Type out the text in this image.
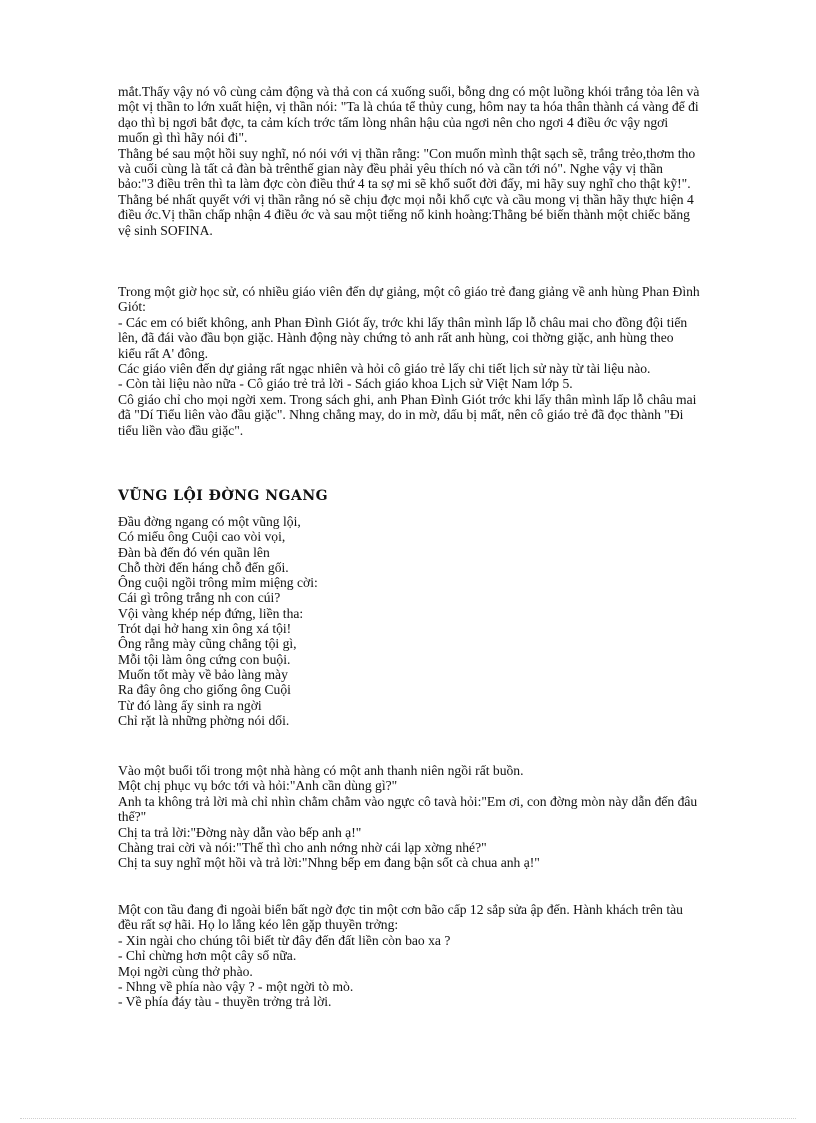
mắt.Thấy vậy nó vô cùng cảm động và thả con cá xuống suối, bỗng dng có một luồng khói trắng tỏa lên và một vị thần to lớn xuất hiện, vị thần nói: "Ta là chúa tể thủy cung, hôm nay ta hóa thân thành cá vàng để đi dạo thì bị ngơi bắt đợc, ta cảm kích trớc tấm lòng nhân hậu của ngơi nên cho ngơi 4 điều ớc vậy ngơi muốn gì thì hãy nói đi".

Thằng bé sau một hồi suy nghĩ, nó nói với vị thần rằng: "Con muốn mình thật sạch sẽ, trắng trẻo,thơm tho và cuối cùng là tất cả đàn bà trênthế gian này đều phải yêu thích nó và cần tới nó". Nghe vậy vị thần bảo:"3 điều trên thì ta làm đợc còn điều thứ 4 ta sợ mi sẽ khổ suốt đời đấy, mi hãy suy nghĩ cho thật kỹ!". Thằng bé nhất quyết với vị thần rằng nó sẽ chịu đợc mọi nỗi khổ cực và cầu mong vị thần hãy thực hiện 4 điều ớc.Vị thần chấp nhận 4 điều ớc và sau một tiếng nổ kinh hoàng:Thằng bé biến thành một chiếc băng vệ sinh SOFINA.

Trong một giờ học sử, có nhiều giáo viên đến dự giảng, một cô giáo trẻ đang giảng về anh hùng Phan Đình Giót:

- Các em có biết không, anh Phan Đình Giót ấy, trớc khi lấy thân mình lấp lỗ châu mai cho đồng đội tiến lên, đã đái vào đầu bọn giặc. Hành động này chứng tỏ anh rất anh hùng, coi thờng giặc, anh hùng theo kiểu rất A' đông.

Các giáo viên đến dự giảng rất ngạc nhiên và hỏi cô giáo trẻ lấy chi tiết lịch sử này từ tài liệu nào.

- Còn tài liệu nào nữa - Cô giáo trẻ trả lời - Sách giáo khoa Lịch sử Việt Nam lớp 5.

Cô giáo chỉ cho mọi ngời xem. Trong sách ghi, anh Phan Đình Giót trớc khi lấy thân mình lấp lỗ châu mai đã "Dí Tiểu liên vào đầu giặc". Nhng chẳng may, do in mờ, dấu bị mất, nên cô giáo trẻ đã đọc thành "Đi tiểu liền vào đầu giặc".

VŨNG LỘI ĐỜNG NGANG
Đầu đờng ngang có một vũng lội,
Có miếu ông Cuội cao vòi vọi,
Đàn bà đến đó vén quần lên
Chỗ thời đến háng chỗ đến gối.
Ông cuội ngồi trông mỉm miệng cời:
Cái gì trông trắng nh con cúi?
Vội vàng khép nép đứng, liền tha:
Trót dại hở hang xin ông xá tội!
Ông rằng mày cũng chẳng tội gì,
Mỗi tội làm ông cứng con buội.
Muốn tốt mày về bảo làng mày
Ra đây ông cho giống ông Cuội
Từ đó làng ấy sinh ra ngời
Chỉ rặt là những phờng nói dối.

Vào một buổi tối trong một nhà hàng có một anh thanh niên ngồi rất buồn.

Một chị phục vụ bớc tới và hỏi:"Anh cần dùng gì?"

Anh ta không trả lời mà chỉ nhìn chằm chằm vào ngực cô tavà hỏi:"Em ơi, con đờng mòn này dẫn đến đâu thế?"

Chị ta trả lời:"Đờng này dẫn vào bếp anh ạ!"

Chàng trai cời và nói:"Thế thì cho anh nớng nhờ cái lạp xờng nhé?"

Chị ta suy nghĩ một hồi và trả lời:"Nhng bếp em đang bận sốt cà chua anh ạ!"

Một con tầu đang đi ngoài biển bất ngờ đợc tin một cơn bão cấp 12 sắp sửa ập đến. Hành khách trên tàu đều rất sợ hãi. Họ lo lắng kéo lên gặp thuyền trởng:

- Xin ngài cho chúng tôi biết từ đây đến đất liền còn bao xa ?

- Chỉ chừng hơn một cây số nữa.

Mọi ngời cùng thở phào.

- Nhng về phía nào vậy ? - một ngời tò mò.

- Về phía đáy tàu - thuyền trởng trả lời.
